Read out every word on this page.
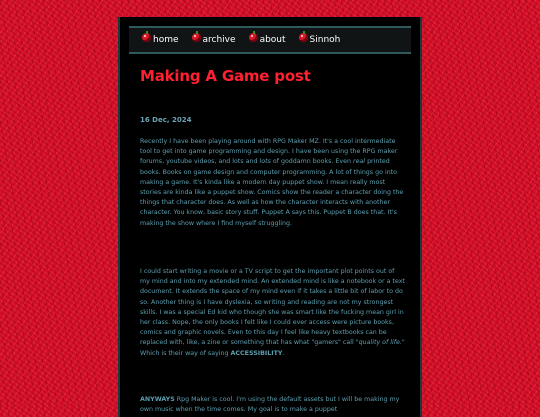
home	archive	about	Sinnoh
Making A Game post
16 Dec, 2024

Recently I have been playing around with RPG Maker MZ. It's a cool intermediate tool to get into game programming and design. I have been using the RPG maker forums, youtube videos, and lots and lots of goddamn books. Even real printed books. Books on game design and computer programming. A lot of things go into making a game. It's kinda like a modern day puppet show. I mean really most stories are kinda like a puppet show. Comics show the reader a character doing the things that character does. As well as how the character interacts with another character. You know, basic story stuff. Puppet A says this. Puppet B does that. It's making the show where I find myself struggling.

I could start writing a movie or a TV script to get the important plot points out of my mind and into my extended mind. An extended mind is like a notebook or a text document. It extends the space of my mind even if it takes a little bit of labor to do so. Another thing is I have dyslexia, so writing and reading are not my strongest skills. I was a special Ed kid who though she was smart like the fucking mean girl in her class. Nope, the only books I felt like I could ever access were picture books, comics and graphic novels. Even to this day I feel like heavy textbooks can be replaced with, like, a zine or something that has what "gamers" call "quality of life." Which is their way of saying ACCESSIBILITY.

ANYWAYS Rpg Maker is cool. I'm using the default assets but I will be making my own music when the time comes. My goal is to make a puppet
